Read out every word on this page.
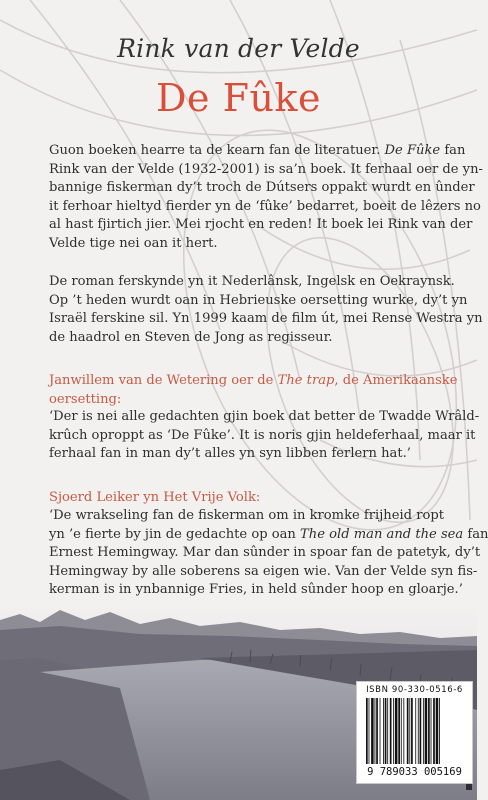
Rink van der Velde
De Fûke
Guon boeken hearre ta de kearn fan de literatuer. De Fûke fan
Rink van der Velde (1932-2001) is sa’n boek. It ferhaal oer de yn-
bannige fiskerman dy’t troch de Dútsers oppakt wurdt en ûnder
it ferhoar hieltyd fierder yn de ‘fûke’ bedarret, boeit de lêzers no
al hast fjirtich jier. Mei rjocht en reden! It boek lei Rink van der
Velde tige nei oan it hert.
De roman ferskynde yn it Nederlânsk, Ingelsk en Oekraynsk.
Op ’t heden wurdt oan in Hebrieuske oersetting wurke, dy’t yn
Israël ferskine sil. Yn 1999 kaam de film út, mei Rense Westra yn
de haadrol en Steven de Jong as regisseur.
Janwillem van de Wetering oer de The trap, de Amerikaanske
oersetting:
‘Der is nei alle gedachten gjin boek dat better de Twadde Wrâld-
krûch oproppt as ‘De Fûke’. It is noris gjin heldeferhaal, maar it
ferhaal fan in man dy’t alles yn syn libben ferlern hat.’
Sjoerd Leiker yn Het Vrije Volk:
‘De wrakseling fan de fiskerman om in kromke frijheid ropt
yn ’e fierte by jin de gedachte op oan The old man and the sea fan
Ernest Hemingway. Mar dan sûnder in spoar fan de patetyk, dy’t
Hemingway by alle soberens sa eigen wie. Van der Velde syn fis-
kerman is in ynbannige Fries, in held sûnder hoop en gloarje.’
ISBN 90-330-0516-6
9 789033 005169
